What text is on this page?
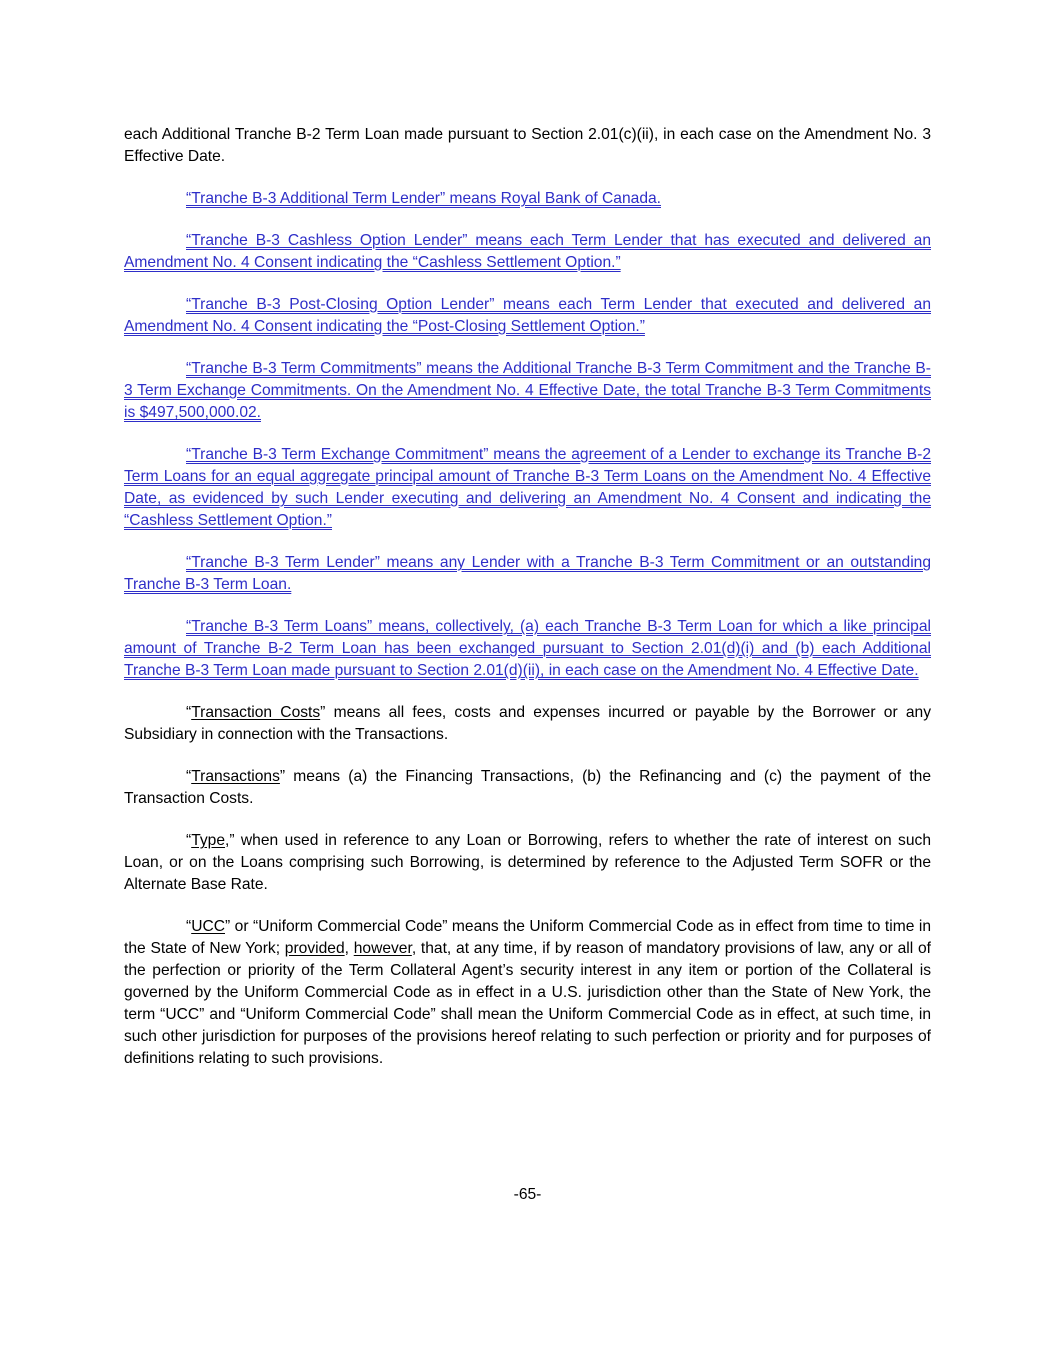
each Additional Tranche B-2 Term Loan made pursuant to Section 2.01(c)(ii), in each case on the Amendment No. 3 Effective Date.

“Tranche B-3 Additional Term Lender” means Royal Bank of Canada.

“Tranche B-3 Cashless Option Lender” means each Term Lender that has executed and delivered an Amendment No. 4 Consent indicating the “Cashless Settlement Option.”

“Tranche B-3 Post-Closing Option Lender” means each Term Lender that executed and delivered an Amendment No. 4 Consent indicating the “Post-Closing Settlement Option.”

“Tranche B-3 Term Commitments” means the Additional Tranche B-3 Term Commitment and the Tranche B-3 Term Exchange Commitments. On the Amendment No. 4 Effective Date, the total Tranche B-3 Term Commitments is $497,500,000.02.

“Tranche B-3 Term Exchange Commitment” means the agreement of a Lender to exchange its Tranche B-2 Term Loans for an equal aggregate principal amount of Tranche B-3 Term Loans on the Amendment No. 4 Effective Date, as evidenced by such Lender executing and delivering an Amendment No. 4 Consent and indicating the “Cashless Settlement Option.”

“Tranche B-3 Term Lender” means any Lender with a Tranche B-3 Term Commitment or an outstanding Tranche B-3 Term Loan.

“Tranche B-3 Term Loans” means, collectively, (a) each Tranche B-3 Term Loan for which a like principal amount of Tranche B-2 Term Loan has been exchanged pursuant to Section 2.01(d)(i) and (b) each Additional Tranche B-3 Term Loan made pursuant to Section 2.01(d)(ii), in each case on the Amendment No. 4 Effective Date.

“Transaction Costs” means all fees, costs and expenses incurred or payable by the Borrower or any Subsidiary in connection with the Transactions.

“Transactions” means (a) the Financing Transactions, (b) the Refinancing and (c) the payment of the Transaction Costs.

“Type,” when used in reference to any Loan or Borrowing, refers to whether the rate of interest on such Loan, or on the Loans comprising such Borrowing, is determined by reference to the Adjusted Term SOFR or the Alternate Base Rate.

“UCC” or “Uniform Commercial Code” means the Uniform Commercial Code as in effect from time to time in the State of New York; provided, however, that, at any time, if by reason of mandatory provisions of law, any or all of the perfection or priority of the Term Collateral Agent’s security interest in any item or portion of the Collateral is governed by the Uniform Commercial Code as in effect in a U.S. jurisdiction other than the State of New York, the term “UCC” and “Uniform Commercial Code” shall mean the Uniform Commercial Code as in effect, at such time, in such other jurisdiction for purposes of the provisions hereof relating to such perfection or priority and for purposes of definitions relating to such provisions.

-65-
